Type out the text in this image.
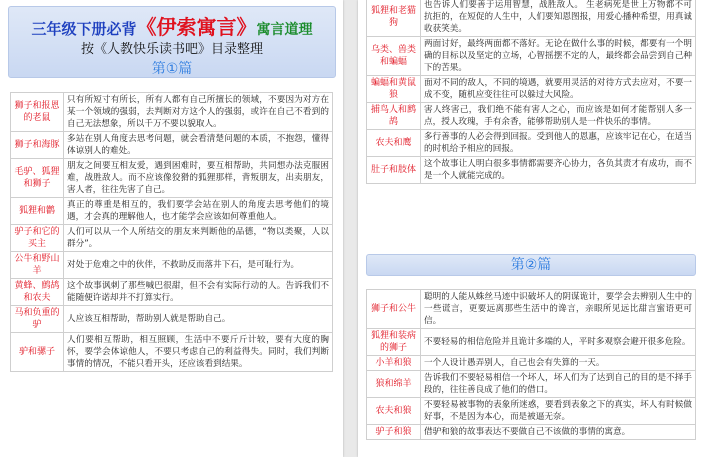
三年级下册必背《伊索寓言》寓言道理
按《人教快乐读书吧》目录整理
第①篇
狮子和报恩的老鼠	只有所短寸有所长，所有人都有自己所擅长的领域，不要因为对方在某一个领域的强弱，去判断对方这个人的强弱，或许在自己不看到的自己无法想象，所以千万不要以貌取人。
狮子和海豚	多站在别人角度去思考问题，就会看清楚问题的本质，不抱怨，懂得体谅别人的难处。
毛驴、狐狸和狮子	朋友之间要互相友爱，遇到困难时，要互相帮助，共同想办法克服困难，战胜敌人。而不应该像狡猾的狐狸那样，背叛朋友，出卖朋友，害人者，往往先害了自己。
狐狸和鹳	真正的尊重是相互的，我们要学会站在别人的角度去思考他们的境遇，才会真的理解他人，也才能学会应该如何尊重他人。
驴子和它的买主	人们可以从一个人所结交的朋友来判断他的品德，“物以类聚，人以群分”。
公牛和野山羊	对处于危难之中的伙伴，不救助反而落井下石，是可耻行为。
黄蜂、鹧鸪和农夫	这个故事讽刺了那些喊巴很甜，但不会有实际行动的人。告诉我们不能随便许诺却并不打算实行。
马和负重的驴	人应该互相帮助，帮助别人就是帮助自己。
驴和骡子	人们要相互帮助，相互照顾，生活中不要斤斤计较，要有大度的胸怀，要学会体谅他人，不要只考虑自己的利益得失。同时，我们判断事情的情况，不能只看开头，还应该看到结果。
狐狸和老猫狗	也告诉人们要善于运用智慧，战胜敌人。 生老病死是世上万物都不可抗拒的，在短促的人生中，人们要知恩图报，用爱心播种希望，用真诚收获笑美。
乌类、兽类和蝙蝠	两面讨好，最终两面都不落好。无论在做什么事的时候，都要有一个明确的目标以及坚定的立场，心智摇摆不定的人，最终都会品尝到自己种下的苦果。
蝙蝠和黄鼠狼	面对不同的敌人，不同的境遇，就要用灵活的对待方式去应对，不要一成不变，随机应变往往可以躲过大风险。
捕鸟人和鹧鸪	害人终害己，我们绝不能有害人之心，而应该是如何才能帮别人多一点，授人玫瑰，手有余香，能够帮助别人是一件快乐的事情。
农夫和鹰	多行善事的人必会得到回报。受到他人的恩惠，应该牢记在心，在适当的时机给予相应的回报。
肚子和肢体	这个故事让人明白很多事情都需要齐心协力，各负其责才有成功，而不是一个人就能完成的。
第②篇
狮子和公牛	聪明的人能从蛛丝马迹中识破坏人的阴谋诡计，要学会去辨别人生中的一些谎言，更要远离那些生活中的谗言，亲眼所见远比甜言蜜语更可信。
狐狸和装病的狮子	不要轻易的相信危险并且诡计多端的人，平时多观察会避开很多危险。
小羊和狼	一个人设计愚弄别人，自己也会有失算的一天。
狼和绵羊	告诉我们不要轻易相信一个坏人，坏人们为了达到自己的目的是不择手段的，往往善良成了他们的借口。
农夫和狼	不要轻易被事物的表象所迷惑，要看到表象之下的真实，坏人有时候做好事，不是因为本心，而是被逼无奈。
驴子和狼	借驴和狼的故事表达不要做自己不该做的事情的寓意。
